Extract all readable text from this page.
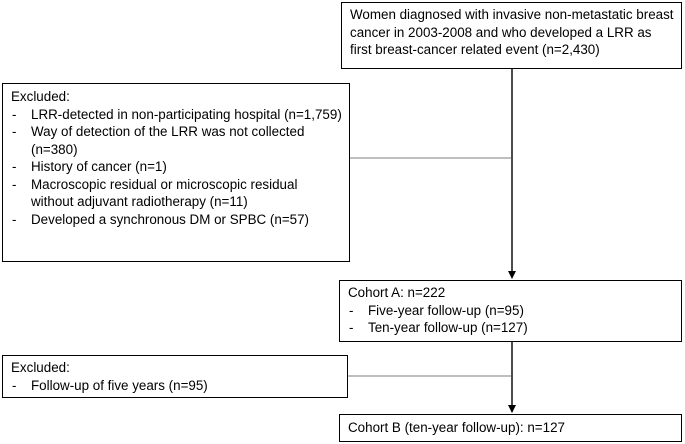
Women diagnosed with invasive non-metastatic breast cancer in 2003-2008 and who developed a LRR as first breast-cancer related event (n=2,430)
Excluded:
- LRR-detected in non-participating hospital (n=1,759)
- Way of detection of the LRR was not collected (n=380)
- History of cancer (n=1)
- Macroscopic residual or microscopic residual without adjuvant radiotherapy (n=11)
- Developed a synchronous DM or SPBC (n=57)
Cohort A: n=222
- Five-year follow-up (n=95)
- Ten-year follow-up (n=127)
Excluded:
- Follow-up of five years (n=95)
Cohort B (ten-year follow-up): n=127
